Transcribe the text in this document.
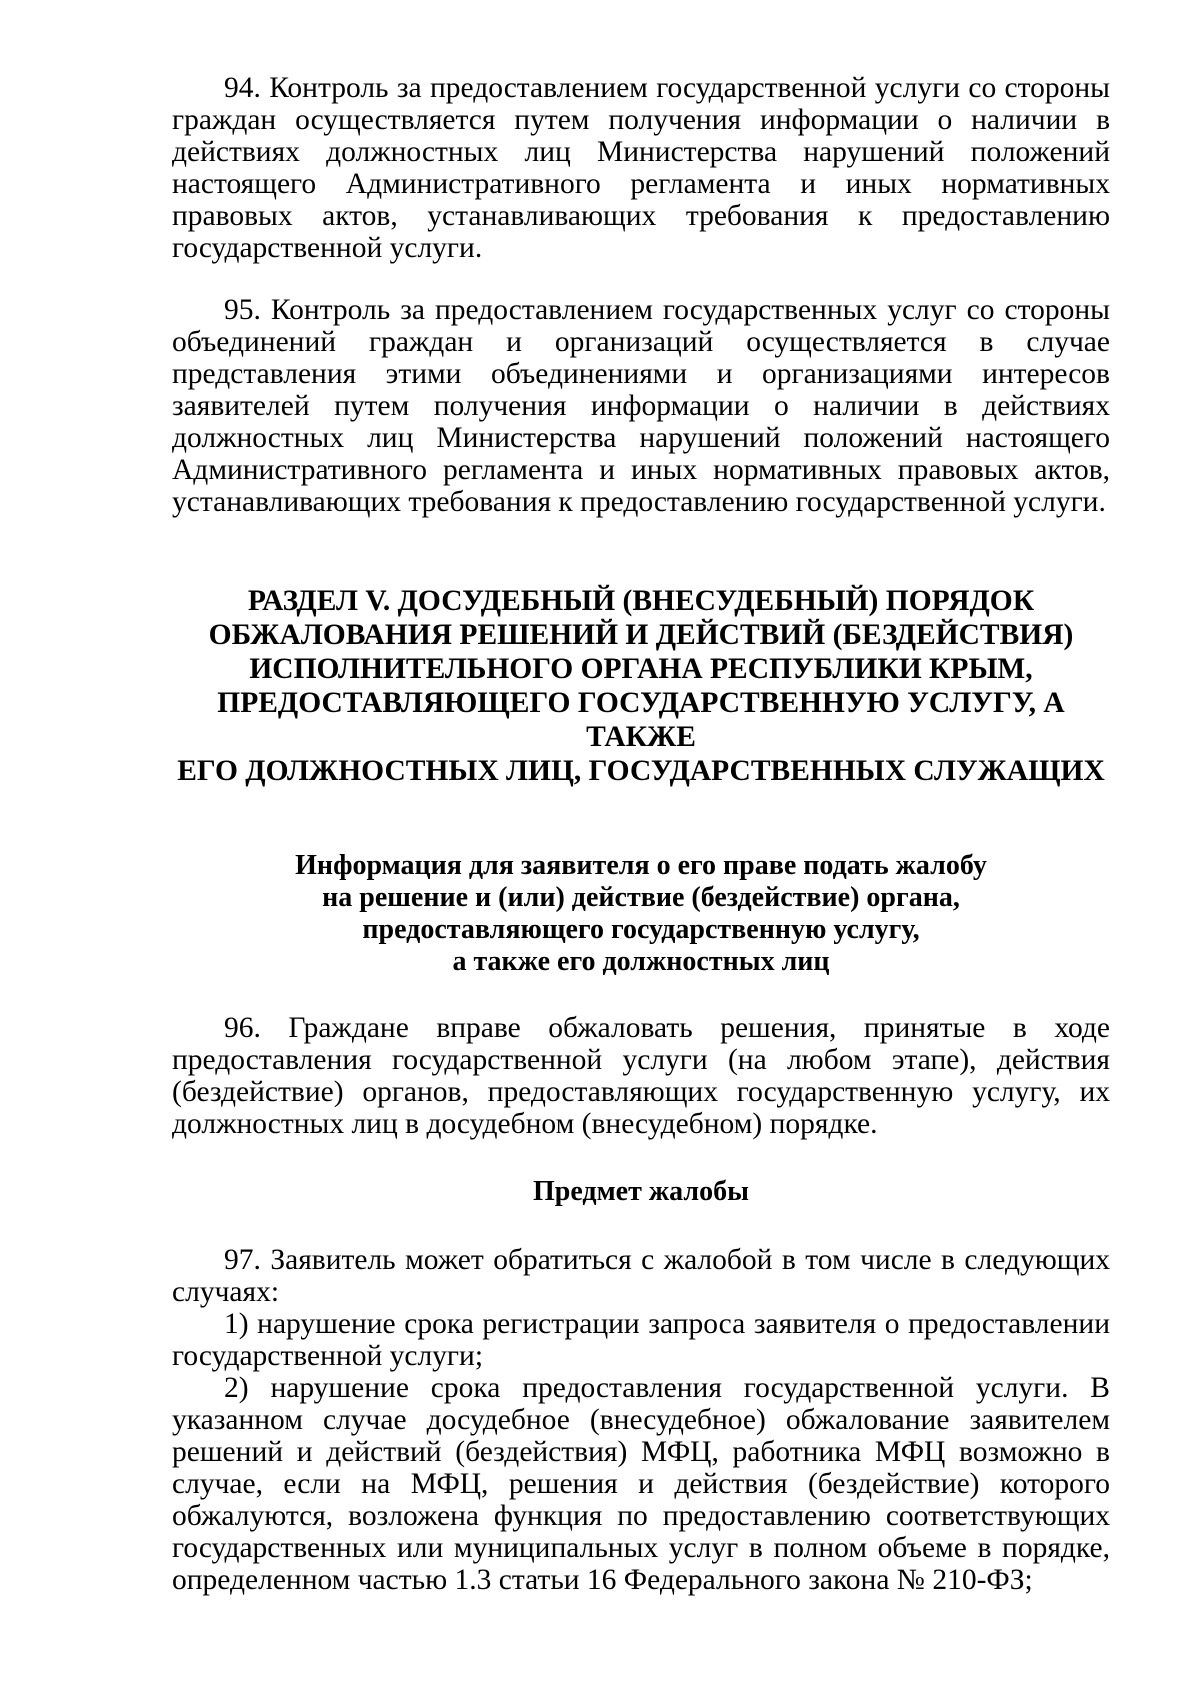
94. Контроль за предоставлением государственной услуги со стороны граждан осуществляется путем получения информации о наличии в действиях должностных лиц Министерства нарушений положений настоящего Административного регламента и иных нормативных правовых актов, устанавливающих требования к предоставлению государственной услуги.

95. Контроль за предоставлением государственных услуг со стороны объединений граждан и организаций осуществляется в случае представления этими объединениями и организациями интересов заявителей путем получения информации о наличии в действиях должностных лиц Министерства нарушений положений настоящего Административного регламента и иных нормативных правовых актов, устанавливающих требования к предоставлению государственной услуги.

РАЗДЕЛ V. ДОСУДЕБНЫЙ (ВНЕСУДЕБНЫЙ) ПОРЯДОК
ОБЖАЛОВАНИЯ РЕШЕНИЙ И ДЕЙСТВИЙ (БЕЗДЕЙСТВИЯ)
ИСПОЛНИТЕЛЬНОГО ОРГАНА РЕСПУБЛИКИ КРЫМ,
ПРЕДОСТАВЛЯЮЩЕГО ГОСУДАРСТВЕННУЮ УСЛУГУ, А ТАКЖЕ
ЕГО ДОЛЖНОСТНЫХ ЛИЦ, ГОСУДАРСТВЕННЫХ СЛУЖАЩИХ
Информация для заявителя о его праве подать жалобу
на решение и (или) действие (бездействие) органа,
предоставляющего государственную услугу,
а также его должностных лиц

96. Граждане вправе обжаловать решения, принятые в ходе предоставления государственной услуги (на любом этапе), действия (бездействие) органов, предоставляющих государственную услугу, их должностных лиц в досудебном (внесудебном) порядке.

Предмет жалобы

97. Заявитель может обратиться с жалобой в том числе в следующих случаях:

1) нарушение срока регистрации запроса заявителя о предоставлении государственной услуги;

2) нарушение срока предоставления государственной услуги. В указанном случае досудебное (внесудебное) обжалование заявителем решений и действий (бездействия) МФЦ, работника МФЦ возможно в случае, если на МФЦ, решения и действия (бездействие) которого обжалуются, возложена функция по предоставлению соответствующих государственных или муниципальных услуг в полном объеме в порядке, определенном частью 1.3 статьи 16 Федерального закона № 210-ФЗ;
